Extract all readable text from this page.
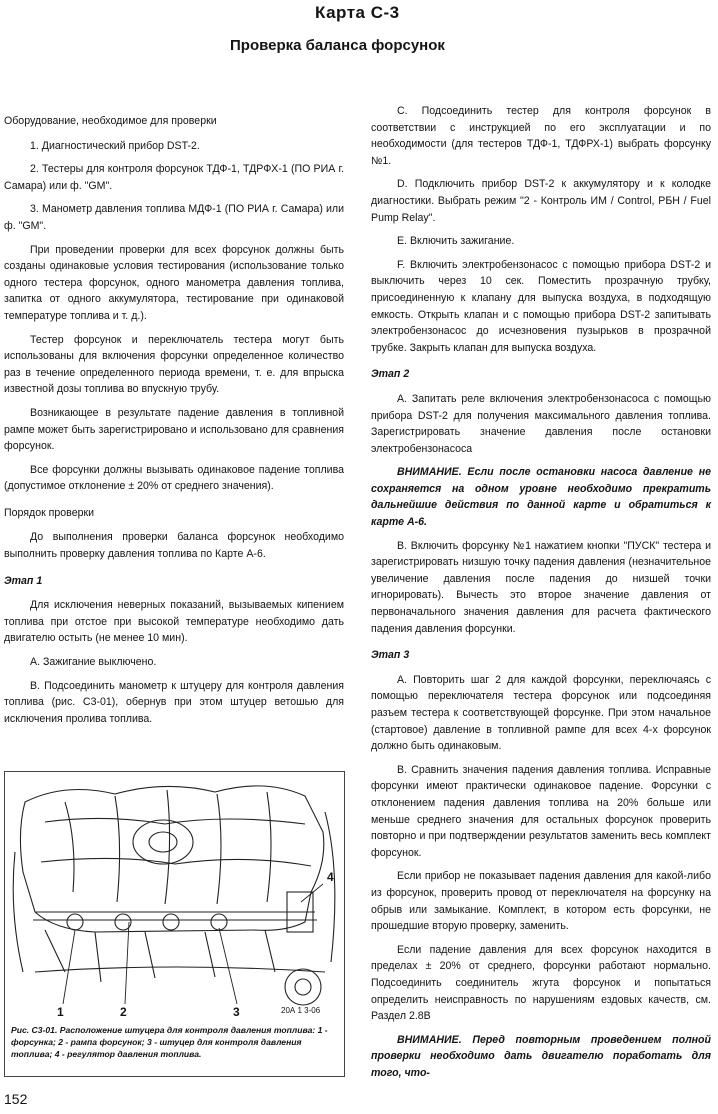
Карта С-3
Проверка баланса форсунок
Оборудование, необходимое для проверки

1. Диагностический прибор DST-2.

2. Тестеры для контроля форсунок ТДФ-1, ТДРФХ-1 (ПО РИА г. Самара) или ф. "GM".

3. Манометр давления топлива МДФ-1 (ПО РИА г. Самара) или ф. "GM".

При проведении проверки для всех форсунок должны быть созданы одинаковые условия тестирования (использование только одного тестера форсунок, одного манометра давления топлива, запитка от одного аккумулятора, тестирование при одинаковой температуре топлива и т. д.).

Тестер форсунок и переключатель тестера могут быть использованы для включения форсунки определенное количество раз в течение определенного периода времени, т. е. для впрыска известной дозы топлива во впускную трубу.

Возникающее в результате падение давления в топливной рампе может быть зарегистрировано и использовано для сравнения форсунок.

Все форсунки должны вызывать одинаковое падение топлива (допустимое отклонение ± 20% от среднего значения).

Порядок проверки

До выполнения проверки баланса форсунок необходимо выполнить проверку давления топлива по Карте А-6.

Этап 1

Для исключения неверных показаний, вызываемых кипением топлива при отстое при высокой температуре необходимо дать двигателю остыть (не менее 10 мин).

А. Зажигание выключено.

В. Подсоединить манометр к штуцеру для контроля давления топлива (рис. С3-01), обернув при этом штуцер ветошью для исключения пролива топлива.

1	2	3
4
20А 1 3-06
Рис. С3-01. Расположение штуцера для контроля давления топлива: 1 - форсунка; 2 - рампа форсунок; 3 - штуцер для контроля давления топлива; 4 - регулятор давления топлива.

С. Подсоединить тестер для контроля форсунок в соответствии с инструкцией по его эксплуатации и по необходимости (для тестеров ТДФ-1, ТДФРХ-1) выбрать форсунку №1.

D. Подключить прибор DST-2 к аккумулятору и к колодке диагностики. Выбрать режим "2 - Контроль ИМ / Control, РБН / Fuel Pump Relay".

Е. Включить зажигание.

F. Включить электробензонасос с помощью прибора DST-2 и выключить через 10 сек. Поместить прозрачную трубку, присоединенную к клапану для выпуска воздуха, в подходящую емкость. Открыть клапан и с помощью прибора DST-2 запитывать электробензонасос до исчезновения пузырьков в прозрачной трубке. Закрыть клапан для выпуска воздуха.

Этап 2

А. Запитать реле включения электробензонасоса с помощью прибора DST-2 для получения максимального давления топлива. Зарегистрировать значение давления после остановки электробензонасоса

ВНИМАНИЕ. Если после остановки насоса давление не сохраняется на одном уровне необходимо прекратить дальнейшие действия по данной карте и обратиться к карте А-6.

В. Включить форсунку №1 нажатием кнопки "ПУСК" тестера и зарегистрировать низшую точку падения давления (незначительное увеличение давления после падения до низшей точки игнорировать). Вычесть это второе значение давления от первоначального значения давления для расчета фактического падения давления форсунки.

Этап 3

А. Повторить шаг 2 для каждой форсунки, переключаясь с помощью переключателя тестера форсунок или подсоединяя разъем тестера к соответствующей форсунке. При этом начальное (стартовое) давление в топливной рампе для всех 4-х форсунок должно быть одинаковым.

В. Сравнить значения падения давления топлива. Исправные форсунки имеют практически одинаковое падение. Форсунки с отклонением падения давления топлива на 20% больше или меньше среднего значения для остальных форсунок проверить повторно и при подтверждении результатов заменить весь комплект форсунок.

Если прибор не показывает падения давления для какой-либо из форсунок, проверить провод от переключателя на форсунку на обрыв или замыкание. Комплект, в котором есть форсунки, не прошедшие вторую проверку, заменить.

Если падение давления для всех форсунок находится в пределах ± 20% от среднего, форсунки работают нормально. Подсоединить соединитель жгута форсунок и попытаться определить неисправность по нарушениям ездовых качеств, см. Раздел 2.8В

ВНИМАНИЕ. Перед повторным проведением полной проверки необходимо дать двигателю поработать для того, что-

152
